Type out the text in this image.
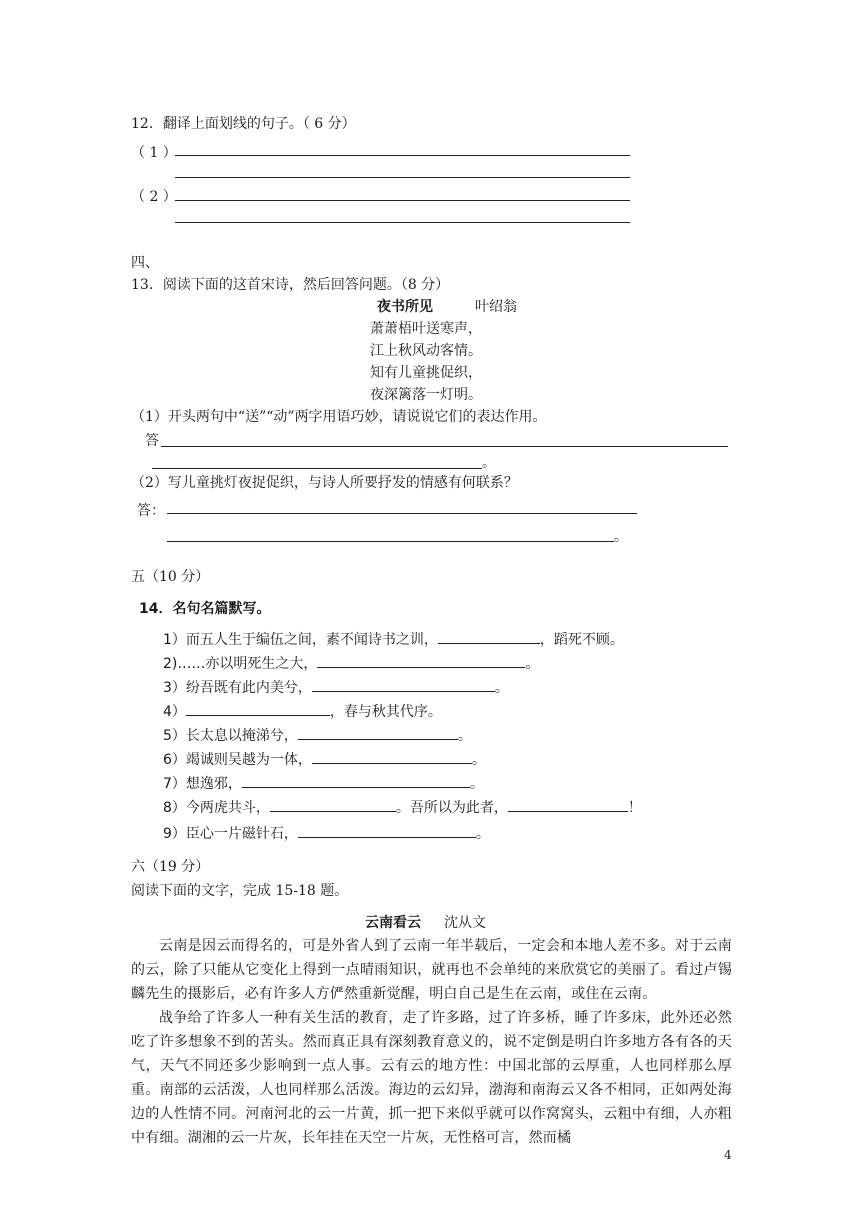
12．翻译上面划线的句子。（ 6 分）
（ 1 ）
（ 2 ）
四、
13．阅读下面的这首宋诗，然后回答问题。（8 分）
夜书所见	叶绍翁
萧萧梧叶送寒声，
江上秋风动客情。
知有儿童挑促织，
夜深篱落一灯明。
（1）开头两句中“送”“动”两字用语巧妙，请说说它们的表达作用。
答
。
（2）写儿童挑灯夜捉促织，与诗人所要抒发的情感有何联系？
答：
。
五（10 分）
14．名句名篇默写。
1）而五人生于编伍之间，素不闻诗书之训，	，蹈死不顾。
2)……亦以明死生之大，	。
3）纷吾既有此内美兮，	。
4）	，春与秋其代序。
5）长太息以掩涕兮，	。
6）竭诚则吴越为一体，	。
7）想逸邪，	。
8）今两虎共斗，	。吾所以为此者，	！
9）臣心一片磁针石，	。
六（19 分）
阅读下面的文字，完成 15-18 题。
云南看云 沈从文

云南是因云而得名的，可是外省人到了云南一年半载后，一定会和本地人差不多。对于云南的云，除了只能从它变化上得到一点晴雨知识，就再也不会单纯的来欣赏它的美丽了。看过卢锡麟先生的摄影后，必有许多人方俨然重新觉醒，明白自己是生在云南，或住在云南。

战争给了许多人一种有关生活的教育，走了许多路，过了许多桥，睡了许多床，此外还必然吃了许多想象不到的苦头。然而真正具有深刻教育意义的，说不定倒是明白许多地方各有各的天气，天气不同还多少影响到一点人事。云有云的地方性：中国北部的云厚重，人也同样那么厚重。南部的云活泼，人也同样那么活泼。海边的云幻异，渤海和南海云又各不相同，正如两处海边的人性情不同。河南河北的云一片黄，抓一把下来似乎就可以作窝窝头，云粗中有细，人亦粗中有细。湖湘的云一片灰，长年挂在天空一片灰，无性格可言，然而橘

4
